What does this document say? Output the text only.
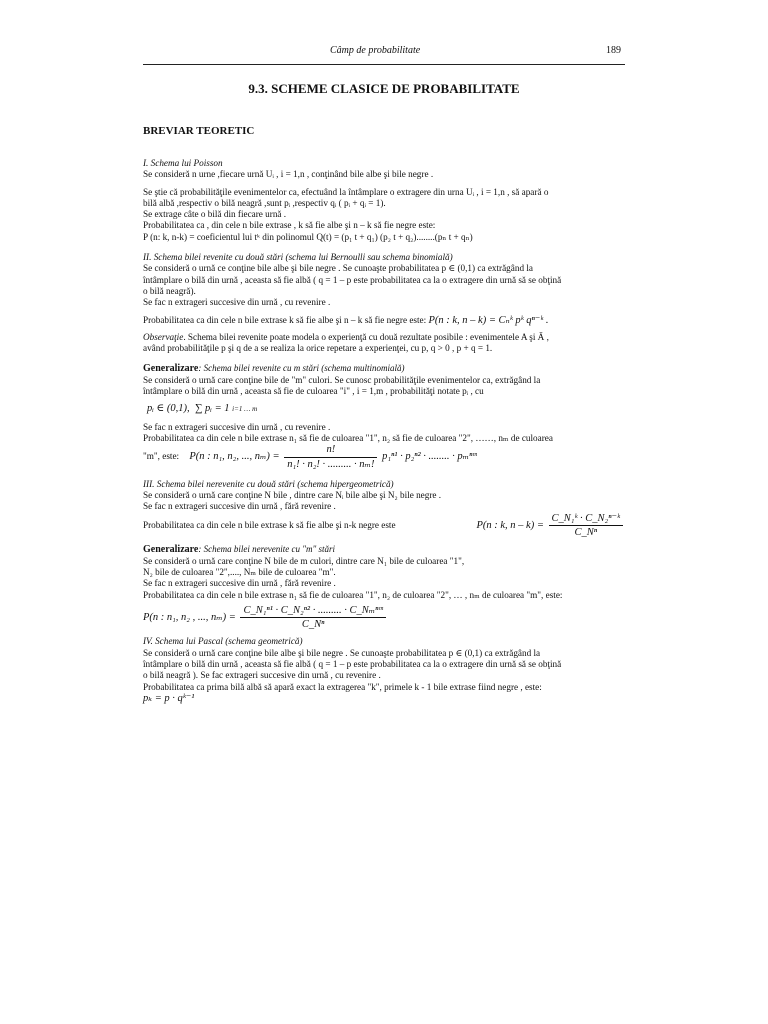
Câmp de probabilitate	189
9.3. SCHEME CLASICE DE PROBABILITATE
BREVIAR TEORETIC

I. Schema lui Poisson

Se consideră n urne ,fiecare urnă Uᵢ , i = 1,n , conţinând bile albe şi bile negre .

Se ştie că probabilităţile evenimentelor ca, efectuând la întâmplare o extragere din urna Uᵢ , i = 1,n , să apară o

bilă albă ,respectiv o bilă neagră ,sunt pᵢ ,respectiv qᵢ ( pᵢ + qᵢ = 1).

Se extrage câte o bilă din fiecare urnă .

Probabilitatea ca , din cele n bile extrase , k să fie albe şi n – k să fie negre este:

P (n: k, n-k) = coeficientul lui tᵏ din polinomul Q(t) = (p₁ t + q₁) (p₂ t + q₂)........(pₙ t + qₙ)

II. Schema bilei revenite cu două stări (schema lui Bernoulli sau schema binomială)

Se consideră o urnă ce conţine bile albe şi bile negre . Se cunoaşte probabilitatea p ∈ (0,1) ca extrăgând la

întâmplare o bilă din urnă , aceasta să fie albă ( q = 1 – p este probabilitatea ca la o extragere din urnă să se obţină

o bilă neagră).

Se fac n extrageri succesive din urnă , cu revenire .

Probabilitatea ca din cele n bile extrase k să fie albe şi n – k să fie negre este: P(n : k, n – k) = Cₙᵏ pᵏ qⁿ⁻ᵏ .

Observaţie. Schema bilei revenite poate modela o experienţă cu două rezultate posibile : evenimentele A şi Ā ,

având probabilităţile p şi q de a se realiza la orice repetare a experienţei, cu p, q > 0 , p + q = 1.

Generalizare: Schema bilei revenite cu m stări (schema multinomială)

Se consideră o urnă care conţine bile de "m" culori. Se cunosc probabilităţile evenimentelor ca, extrăgând la

întâmplare o bilă din urnă , aceasta să fie de culoarea "i" , i = 1,m , probabilităţi notate pᵢ , cu

pᵢ ∈ (0,1), ∑ pᵢ = 1 i=1 … m

Se fac n extrageri succesive din urnă , cu revenire .

Probabilitatea ca din cele n bile extrase n₁ să fie de culoarea "1", n₂ să fie de culoarea "2", ……, nₘ de culoarea

"m", este: P(n : n₁, n₂, ..., $n_m) = \frac{n!}{\text{n₁! · n₂! · ......... · nₘ!}} p_1^{n1} \cdot p_2^{n2}$ · ........ · pₘⁿᵐ

III. Schema bilei nerevenite cu două stări (schema hipergeometrică)

Se consideră o urnă care conţine N bile , dintre care Nᵢ bile albe şi N₂ bile negre .

Se fac n extrageri succesive din urnă , fără revenire .

Probabilitatea ca din cele n bile extrase k să fie albe şi n-k negre este	P(n : k, $n - k) = \frac{\text{C\_N₁ᵏ · C\_N₂ⁿ⁻ᵏ}}{\text{C\_Nⁿ}}$

Generalizare: Schema bilei nerevenite cu "m" stări

Se consideră o urnă care conţine N bile de m culori, dintre care N₁ bile de culoarea "1",

N₂ bile de culoarea "2",...., Nₘ bile de culoarea "m".

Se fac n extrageri succesive din urnă , fără revenire .

Probabilitatea ca din cele n bile extrase n₁ să fie de culoarea "1", n₂ de culoarea "2", … , nₘ de culoarea "m", este:

P(n : n₁, n₂ , ..., $n_m) = \frac{\text{C\_N₁ⁿ¹ · C\_N₂ⁿ² · ......... · C\_Nₘⁿᵐ}}{\text{C\_Nⁿ}}$

IV. Schema lui Pascal (schema geometrică)

Se consideră o urnă care conţine bile albe şi bile negre . Se cunoaşte probabilitatea p ∈ (0,1) ca extrăgând la

întâmplare o bilă din urnă , aceasta să fie albă ( q = 1 – p este probabilitatea ca la o extragere din urnă să se obţină

o bilă neagră ). Se fac extrageri succesive din urnă , cu revenire .

Probabilitatea ca prima bilă albă să apară exact la extragerea "k", primele k - 1 bile extrase fiind negre , este:

pₖ = p · qᵏ⁻¹
